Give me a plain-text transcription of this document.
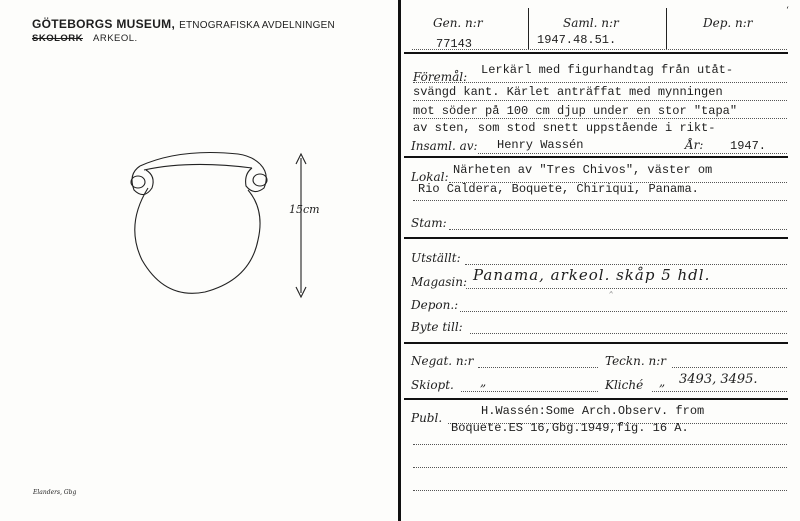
GÖTEBORGS MUSEUM, ETNOGRAFISKA AVDELNINGEN
SKOLORK ARKEOL.
15cm
Elanders, Gbg
ʻ
Gen. n:r	Saml. n:r	Dep. n:r
77143	1947.48.51.
Föremål: Lerkärl med figurhandtag från utåt-
svängd kant. Kärlet anträffat med mynningen
mot söder på 100 cm djup under en stor "tapa"
av sten, som stod snett uppstående i rikt-
Insaml. av: Henry Wassén	År: 1947.
Lokal: Närheten av "Tres Chivos", väster om
Rio Caldera, Boquete, Chiriqui, Panama.
Stam:
Utställt:
Magasin: Panama, arkeol. skåp 5 hdl.
Depon.:
ˆ
Byte till:
Negat. n:r	Teckn. n:r
Skiopt. „	Kliché „ 3493, 3495.
Publ.	H.Wassén:Some Arch.Observ. from
Boquete.ES 16,Gbg.1949,fig. 16 A.
